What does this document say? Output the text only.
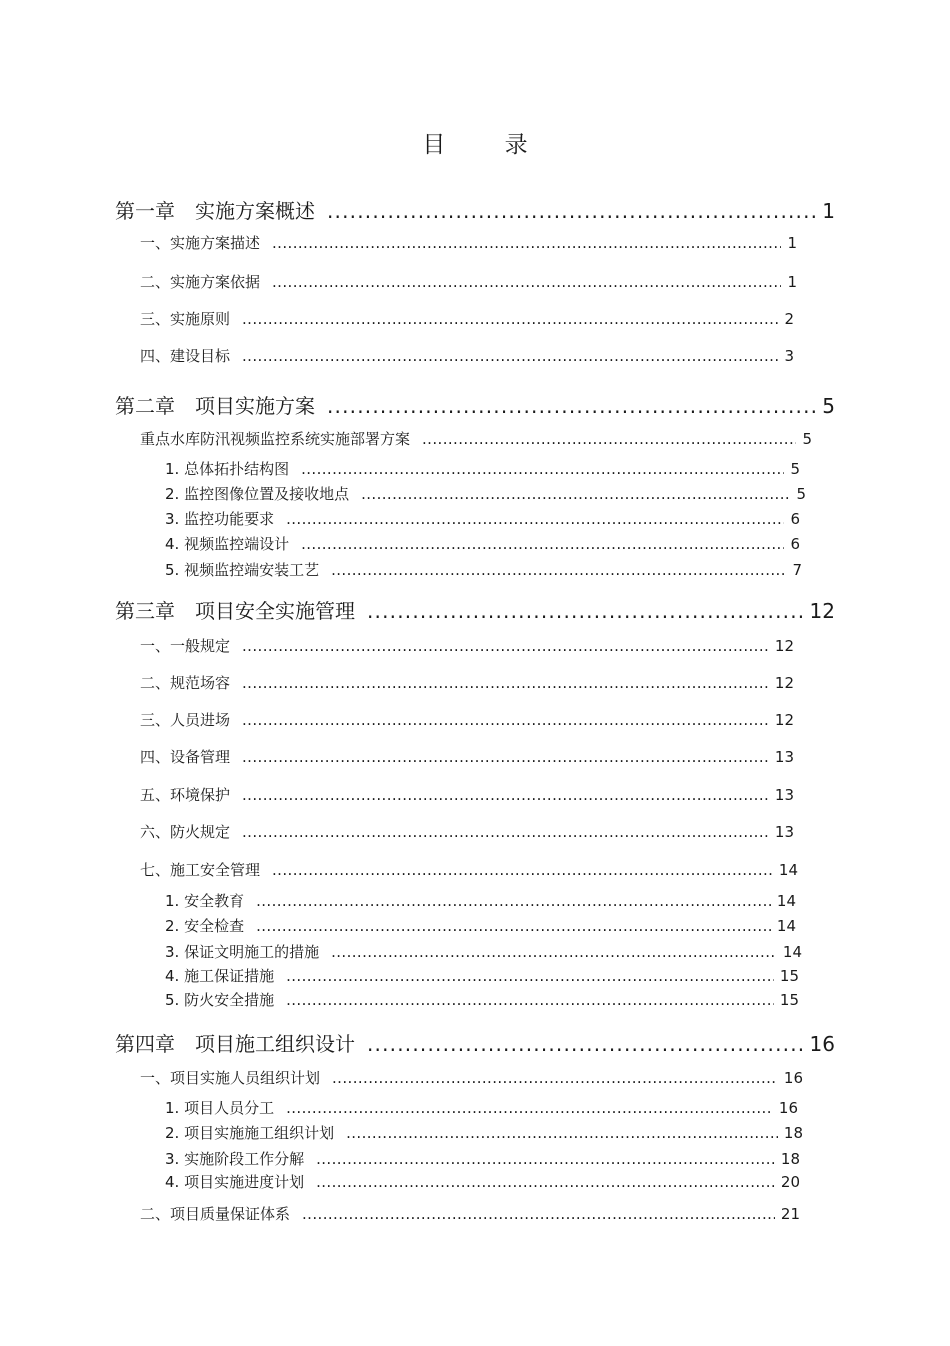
目 录
第一章　实施方案概述 .....	1
一、实施方案描述 .....	1
二、实施方案依据 .....	1
三、实施原则 .....	2
四、建设目标 .....	3
第二章　项目实施方案 .....	5
重点水库防汛视频监控系统实施部署方案 .....	5
1. 总体拓扑结构图 .....	5
2. 监控图像位置及接收地点 .....	5
3. 监控功能要求 .....	6
4. 视频监控端设计 .....	6
5. 视频监控端安装工艺 .....	7
第三章　项目安全实施管理 .....	12
一、一般规定 .....	12
二、规范场容 .....	12
三、人员进场 .....	12
四、设备管理 .....	13
五、环境保护 .....	13
六、防火规定 .....	13
七、施工安全管理 .....	14
1. 安全教育 .....	14
2. 安全检查 .....	14
3. 保证文明施工的措施 .....	14
4. 施工保证措施 .....	15
5. 防火安全措施 .....	15
第四章　项目施工组织设计 .....	16
一、项目实施人员组织计划 .....	16
1. 项目人员分工 .....	16
2. 项目实施施工组织计划 .....	18
3. 实施阶段工作分解 .....	18
4. 项目实施进度计划 .....	20
二、项目质量保证体系 .....	21
